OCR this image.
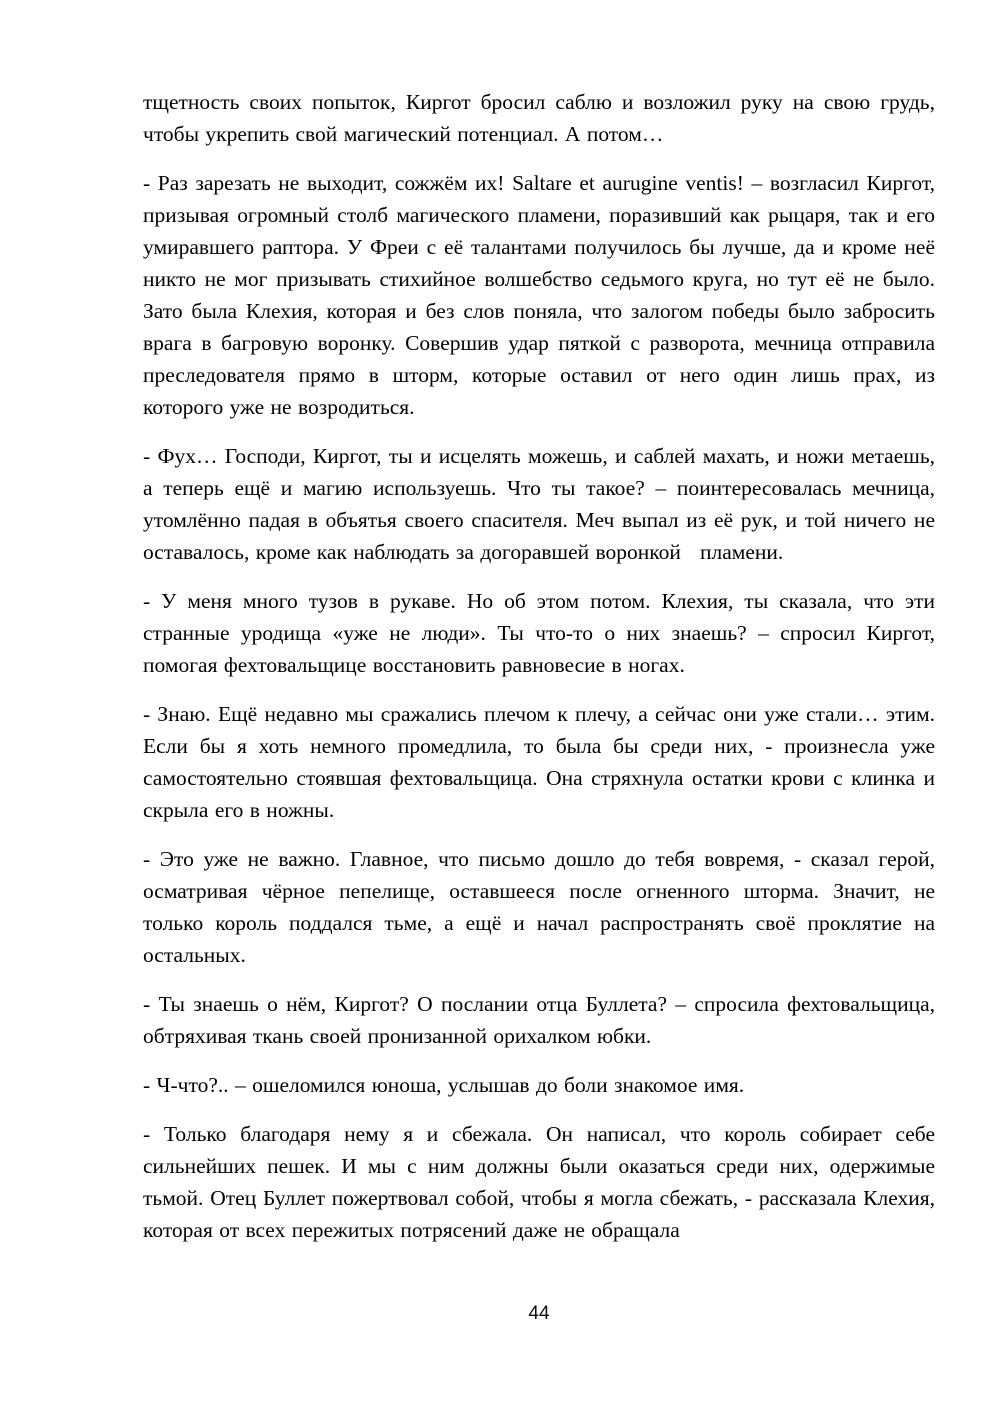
тщетность своих попыток, Киргот бросил саблю и возложил руку на свою грудь, чтобы укрепить свой магический потенциал. А потом…

- Раз зарезать не выходит, сожжём их! Saltare et aurugine ventis! – возгласил Киргот, призывая огромный столб магического пламени, поразивший как рыцаря, так и его умиравшего раптора. У Фреи с её талантами получилось бы лучше, да и кроме неё никто не мог призывать стихийное волшебство седьмого круга, но тут её не было. Зато была Клехия, которая и без слов поняла, что залогом победы было забросить врага в багровую воронку. Совершив удар пяткой с разворота, мечница отправила преследователя прямо в шторм, которые оставил от него один лишь прах, из которого уже не возродиться.

- Фух… Господи, Киргот, ты и исцелять можешь, и саблей махать, и ножи метаешь, а теперь ещё и магию используешь. Что ты такое? – поинтересовалась мечница, утомлённо падая в объятья своего спасителя. Меч выпал из её рук, и той ничего не оставалось, кроме как наблюдать за догоравшей воронкой   пламени.

- У меня много тузов в рукаве. Но об этом потом. Клехия, ты сказала, что эти странные уродища «уже не люди». Ты что-то о них знаешь? – спросил Киргот, помогая фехтовальщице восстановить равновесие в ногах.

- Знаю. Ещё недавно мы сражались плечом к плечу, а сейчас они уже стали… этим. Если бы я хоть немного промедлила, то была бы среди них, - произнесла уже самостоятельно стоявшая фехтовальщица. Она стряхнула остатки крови с клинка и скрыла его в ножны.

- Это уже не важно. Главное, что письмо дошло до тебя вовремя, - сказал герой, осматривая чёрное пепелище, оставшееся после огненного шторма. Значит, не только король поддался тьме, а ещё и начал распространять своё проклятие на остальных.

- Ты знаешь о нём, Киргот? О послании отца Буллета? – спросила фехтовальщица, обтряхивая ткань своей пронизанной орихалком юбки.

- Ч-что?.. – ошеломился юноша, услышав до боли знакомое имя.

- Только благодаря нему я и сбежала. Он написал, что король собирает себе сильнейших пешек. И мы с ним должны были оказаться среди них, одержимые тьмой. Отец Буллет пожертвовал собой, чтобы я могла сбежать, - рассказала Клехия, которая от всех пережитых потрясений даже не обращала

44
